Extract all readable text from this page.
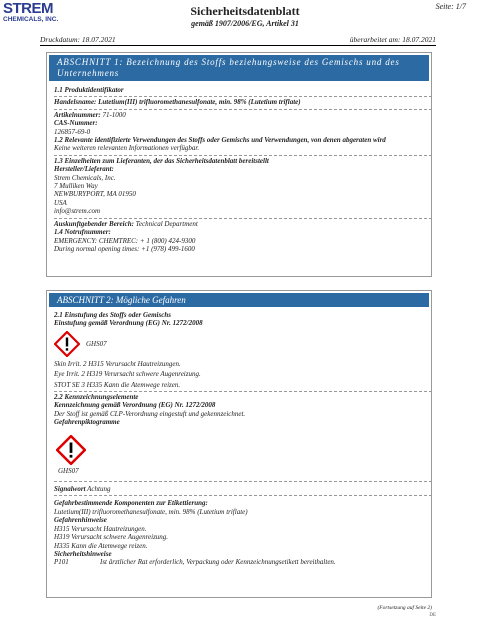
STREM
CHEMICALS, INC.
Seite: 1/7
Sicherheitsdatenblatt
gemäß 1907/2006/EG, Artikel 31
Druckdatum: 18.07.2021	überarbeitet am: 18.07.2021
ABSCHNITT 1: Bezeichnung des Stoffs beziehungsweise des Gemischs und des Unternehmens
1.1 Produktidentifikator
Handelsname: Lutetium(III) trifluoromethanesulfonate, min. 98% (Lutetium triflate)
Artikelnummer: 71-1000
CAS-Nummer:
126857-69-0
1.2 Relevante identifizierte Verwendungen des Stoffs oder Gemischs und Verwendungen, von denen abgeraten wird
Keine weiteren relevanten Informationen verfügbar.
1.3 Einzelheiten zum Lieferanten, der das Sicherheitsdatenblatt bereitstellt
Hersteller/Lieferant:
Strem Chemicals, Inc.
7 Mulliken Way
NEWBURYPORT, MA 01950
USA
info@strem.com
Auskunftgebender Bereich: Technical Department
1.4 Notrufnummer:
EMERGENCY: CHEMTREC: + 1 (800) 424-9300
During normal opening times: +1 (978) 499-1600
ABSCHNITT 2: Mögliche Gefahren
2.1 Einstufung des Stoffs oder Gemischs
Einstufung gemäß Verordnung (EG) Nr. 1272/2008
GHS07
Skin Irrit. 2 H315 Verursacht Hautreizungen.
Eye Irrit. 2 H319 Verursacht schwere Augenreizung.
STOT SE 3 H335 Kann die Atemwege reizen.
2.2 Kennzeichnungselemente
Kennzeichnung gemäß Verordnung (EG) Nr. 1272/2008
Der Stoff ist gemäß CLP-Verordnung eingestuft und gekennzeichnet.
Gefahrenpiktogramme
GHS07
Signalwort Achtung
Gefahrbestimmende Komponenten zur Etikettierung:
Lutetium(III) trifluoromethanesulfonate, min. 98% (Lutetium triflate)
Gefahrenhinweise
H315 Verursacht Hautreizungen.
H319 Verursacht schwere Augenreizung.
H335 Kann die Atemwege reizen.
Sicherheitshinweise
P101	Ist ärztlicher Rat erforderlich, Verpackung oder Kennzeichnungsetikett bereithalten.
(Fortsetzung auf Seite 2)
DE
